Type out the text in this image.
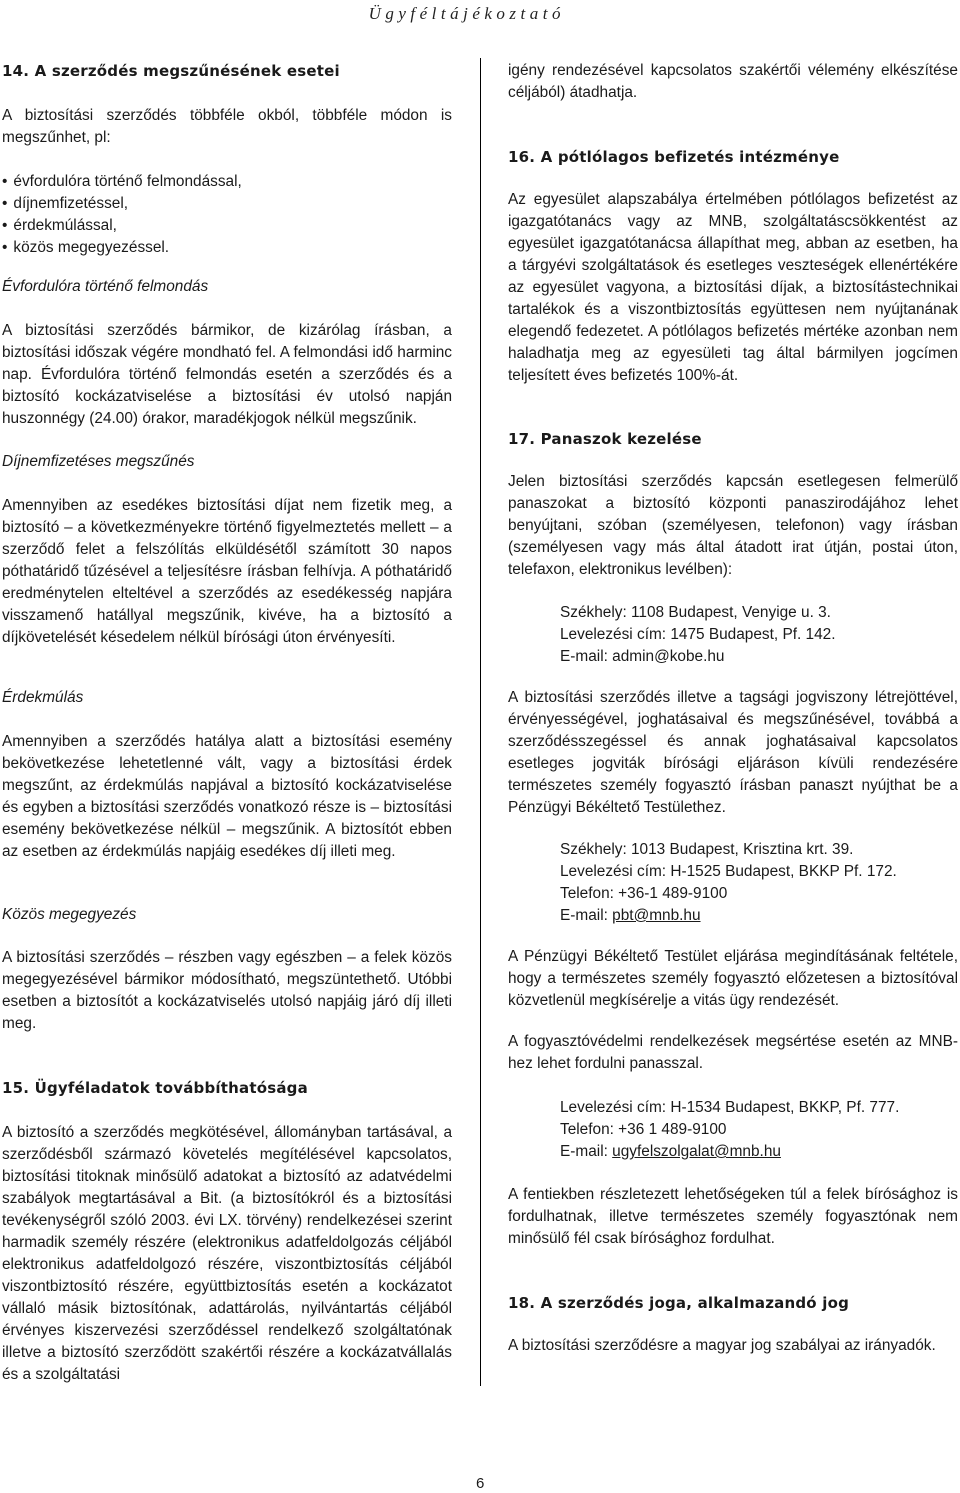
Ügyféltájékoztató
14. A szerződés megszűnésének esetei

A biztosítási szerződés többféle okból, többféle módon is megszűnhet, pl:

• évfordulóra történő felmondással,
• díjnemfizetéssel,
• érdekmúlással,
• közös megegyezéssel.
Évfordulóra történő felmondás

A biztosítási szerződés bármikor, de kizárólag írásban, a biztosítási időszak végére mondható fel. A felmondási idő harminc nap. Évfordulóra történő felmondás esetén a szerződés és a biztosító kockázatviselése a biztosítási év utolsó napján huszonnégy (24.00) órakor, maradékjogok nélkül megszűnik.

Díjnemfizetéses megszűnés

Amennyiben az esedékes biztosítási díjat nem fizetik meg, a biztosító – a következményekre történő figyelmeztetés mellett – a szerződő felet a felszólítás elküldésétől számított 30 napos póthatáridő tűzésével a teljesítésre írásban felhívja. A póthatáridő eredménytelen elteltével a szerződés az esedékesség napjára visszamenő hatállyal megszűnik, kivéve, ha a biztosító a díjkövetelését késedelem nélkül bírósági úton érvényesíti.

Érdekmúlás

Amennyiben a szerződés hatálya alatt a biztosítási esemény bekövetkezése lehetetlenné vált, vagy a biztosítási érdek megszűnt, az érdekmúlás napjával a biztosító kockázatviselése és egyben a biztosítási szerződés vonatkozó része is – biztosítási esemény bekövetkezése nélkül – megszűnik. A biztosítót ebben az esetben az érdekmúlás napjáig esedékes díj illeti meg.

Közös megegyezés

A biztosítási szerződés – részben vagy egészben – a felek közös megegyezésével bármikor módosítható, megszüntethető. Utóbbi esetben a biztosítót a kockázatviselés utolsó napjáig járó díj illeti meg.

15. Ügyféladatok továbbíthatósága

A biztosító a szerződés megkötésével, állományban tartásával, a szerződésből származó követelés megítélésével kapcsolatos, biztosítási titoknak minősülő adatokat a biztosító az adatvédelmi szabályok megtartásával a Bit. (a biztosítókról és a biztosítási tevékenységről szóló 2003. évi LX. törvény) rendelkezései szerint harmadik személy részére (elektronikus adatfeldolgozás céljából elektronikus adatfeldolgozó részére, viszontbiztosítás céljából viszontbiztosító részére, együttbiztosítás esetén a kockázatot vállaló másik biztosítónak, adattárolás, nyilvántartás céljából érvényes kiszervezési szerződéssel rendelkező szolgáltatónak illetve a biztosító szerződött szakértői részére a kockázatvállalás és a szolgáltatási

igény rendezésével kapcsolatos szakértői vélemény elkészítése céljából) átadhatja.

16. A pótlólagos befizetés intézménye

Az egyesület alapszabálya értelmében pótlólagos befizetést az igazgatótanács vagy az MNB, szolgáltatáscsökkentést az egyesület igazgatótanácsa állapíthat meg, abban az esetben, ha a tárgyévi szolgáltatások és esetleges veszteségek ellenértékére az egyesület vagyona, a biztosítási díjak, a biztosítástechnikai tartalékok és a viszontbiztosítás együttesen nem nyújtanának elegendő fedezetet. A pótlólagos befizetés mértéke azonban nem haladhatja meg az egyesületi tag által bármilyen jogcímen teljesített éves befizetés 100%-át.

17. Panaszok kezelése

Jelen biztosítási szerződés kapcsán esetlegesen felmerülő panaszokat a biztosító központi panaszirodájához lehet benyújtani, szóban (személyesen, telefonon) vagy írásban (személyesen vagy más által átadott irat útján, postai úton, telefaxon, elektronikus levélben):

Székhely: 1108 Budapest, Venyige u. 3.
Levelezési cím: 1475 Budapest, Pf. 142.
E-mail: admin@kobe.hu

A biztosítási szerződés illetve a tagsági jogviszony létrejöttével, érvényességével, joghatásaival és megszűnésével, továbbá a szerződésszegéssel és annak joghatásaival kapcsolatos esetleges jogviták bírósági eljáráson kívüli rendezésére természetes személy fogyasztó írásban panaszt nyújthat be a Pénzügyi Békéltető Testülethez.

Székhely: 1013 Budapest, Krisztina krt. 39.
Levelezési cím: H-1525 Budapest, BKKP Pf. 172.
Telefon: +36-1 489-9100
E-mail: pbt@mnb.hu

A Pénzügyi Békéltető Testület eljárása megindításának feltétele, hogy a természetes személy fogyasztó előzetesen a biztosítóval közvetlenül megkísérelje a vitás ügy rendezését.

A fogyasztóvédelmi rendelkezések megsértése esetén az MNB-hez lehet fordulni panasszal.

Levelezési cím: H-1534 Budapest, BKKP, Pf. 777.
Telefon: +36 1 489-9100
E-mail: ugyfelszolgalat@mnb.hu

A fentiekben részletezett lehetőségeken túl a felek bírósághoz is fordulhatnak, illetve természetes személy fogyasztónak nem minősülő fél csak bírósághoz fordulhat.

18. A szerződés joga, alkalmazandó jog

A biztosítási szerződésre a magyar jog szabályai az irányadók.

6
